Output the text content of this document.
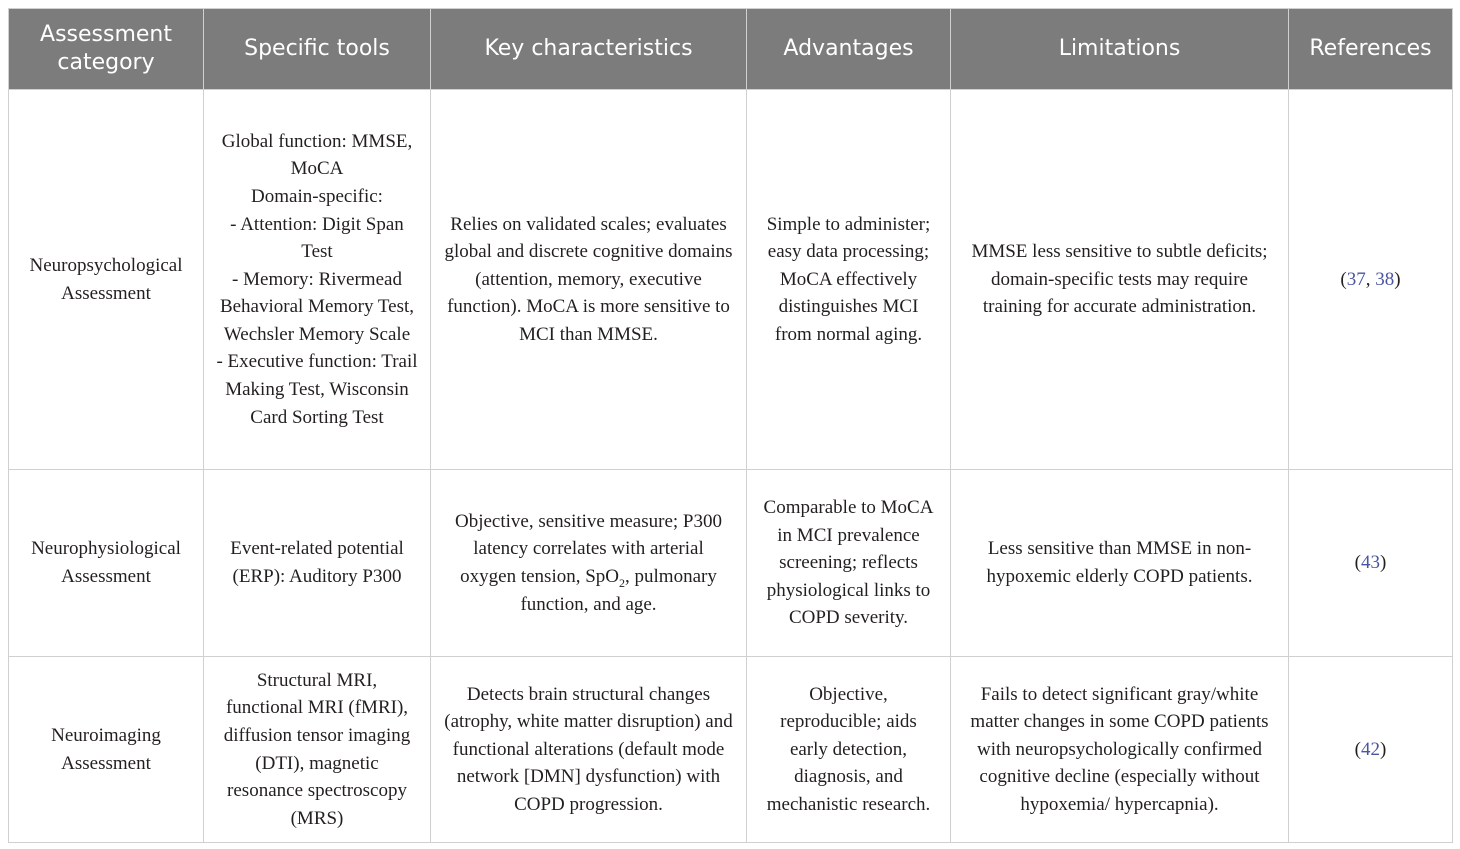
Assessment category	Specific tools	Key characteristics	Advantages	Limitations	References
Neuropsychological Assessment	Global function: MMSE, MoCA
Domain-specific:
- Attention: Digit Span Test
- Memory: Rivermead Behavioral Memory Test, Wechsler Memory Scale
- Executive function: Trail Making Test, Wisconsin Card Sorting Test	Relies on validated scales; evaluates global and discrete cognitive domains (attention, memory, executive function). MoCA is more sensitive to MCI than MMSE.	Simple to administer; easy data processing; MoCA effectively distinguishes MCI from normal aging.	MMSE less sensitive to subtle deficits; domain-specific tests may require training for accurate administration.	(37, 38)
Neurophysiological Assessment	Event-related potential (ERP): Auditory P300	Objective, sensitive measure; P300 latency correlates with arterial oxygen tension, SpO$_2$, pulmonary function, and age.	Comparable to MoCA in MCI prevalence screening; reflects physiological links to COPD severity.	Less sensitive than MMSE in non-hypoxemic elderly COPD patients.	(43)
Neuroimaging Assessment	Structural MRI, functional MRI (fMRI), diffusion tensor imaging (DTI), magnetic resonance spectroscopy (MRS)	Detects brain structural changes (atrophy, white matter disruption) and functional alterations (default mode network [DMN] dysfunction) with COPD progression.	Objective, reproducible; aids early detection, diagnosis, and mechanistic research.	Fails to detect significant gray/white matter changes in some COPD patients with neuropsychologically confirmed cognitive decline (especially without hypoxemia/ hypercapnia).	(42)
